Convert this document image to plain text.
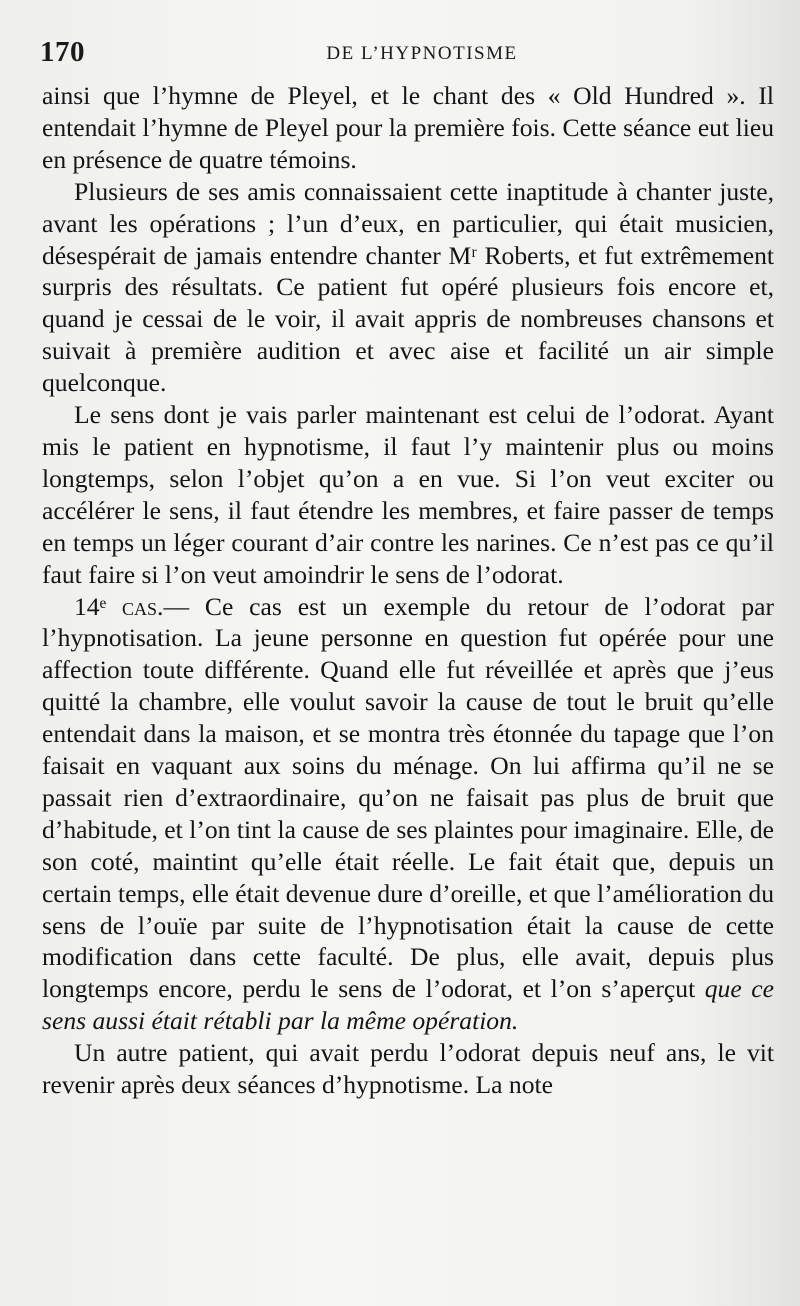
170	DE L’HYPNOTISME

ainsi que l’hymne de Pleyel, et le chant des « Old Hundred ». Il entendait l’hymne de Pleyel pour la première fois. Cette séance eut lieu en présence de quatre témoins.

Plusieurs de ses amis connaissaient cette inaptitude à chanter juste, avant les opérations ; l’un d’eux, en particulier, qui était musicien, désespérait de jamais entendre chanter Mʳ Roberts, et fut extrêmement surpris des résultats. Ce patient fut opéré plusieurs fois encore et, quand je cessai de le voir, il avait appris de nombreuses chansons et suivait à première audition et avec aise et facilité un air simple quelconque.

Le sens dont je vais parler maintenant est celui de l’odorat. Ayant mis le patient en hypnotisme, il faut l’y maintenir plus ou moins longtemps, selon l’objet qu’on a en vue. Si l’on veut exciter ou accélérer le sens, il faut étendre les membres, et faire passer de temps en temps un léger courant d’air contre les narines. Ce n’est pas ce qu’il faut faire si l’on veut amoindrir le sens de l’odorat.

14ᵉ cas.— Ce cas est un exemple du retour de l’odorat par l’hypnotisation. La jeune personne en question fut opérée pour une affection toute différente. Quand elle fut réveillée et après que j’eus quitté la chambre, elle voulut savoir la cause de tout le bruit qu’elle entendait dans la maison, et se montra très étonnée du tapage que l’on faisait en vaquant aux soins du ménage. On lui affirma qu’il ne se passait rien d’extraordinaire, qu’on ne faisait pas plus de bruit que d’habitude, et l’on tint la cause de ses plaintes pour imaginaire. Elle, de son coté, maintint qu’elle était réelle. Le fait était que, depuis un certain temps, elle était devenue dure d’oreille, et que l’amélioration du sens de l’ouïe par suite de l’hypnotisation était la cause de cette modification dans cette faculté. De plus, elle avait, depuis plus longtemps encore, perdu le sens de l’odorat, et l’on s’aperçut que ce sens aussi était rétabli par la même opération.

Un autre patient, qui avait perdu l’odorat depuis neuf ans, le vit revenir après deux séances d’hypnotisme. La note
